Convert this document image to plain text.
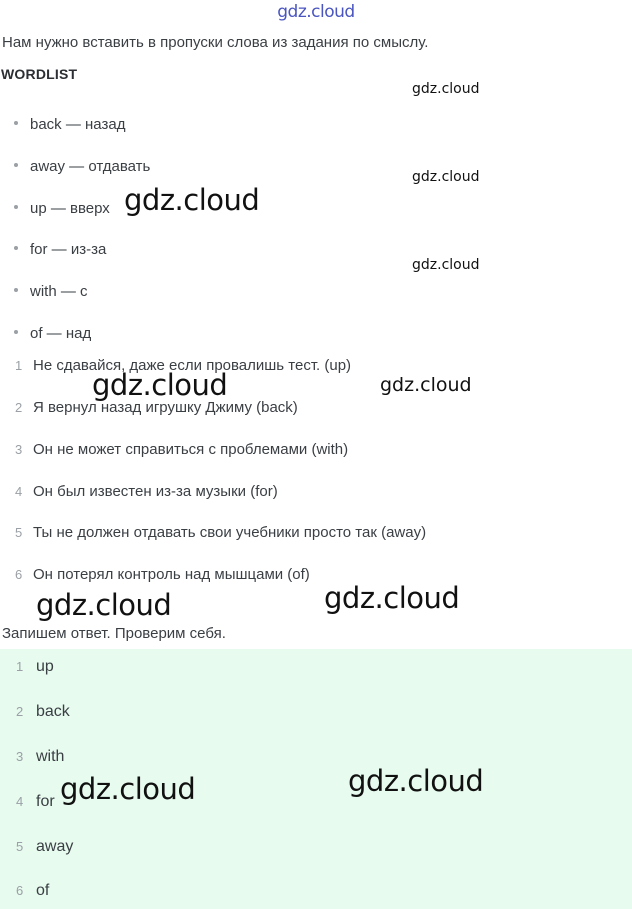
gdz.cloud
Нам нужно вставить в пропуски слова из задания по смыслу.
WORDLIST
back — назад
away — отдавать
up — вверх
for — из-за
with — с
of — над
1 Не сдавайся, даже если провалишь тест. (up)
2 Я вернул назад игрушку Джиму (back)
3 Он не может справиться с проблемами (with)
4 Он был известен из-за музыки (for)
5 Ты не должен отдавать свои учебники просто так (away)
6 Он потерял контроль над мышцами (of)
Запишем ответ. Проверим себя.
1 up
2 back
3 with
4 for
5 away
6 of
gdz.cloud
gdz.cloud
gdz.cloud
gdz.cloud
gdz.cloud	gdz.cloud
gdz.cloud	gdz.cloud
gdz.cloud	gdz.cloud
